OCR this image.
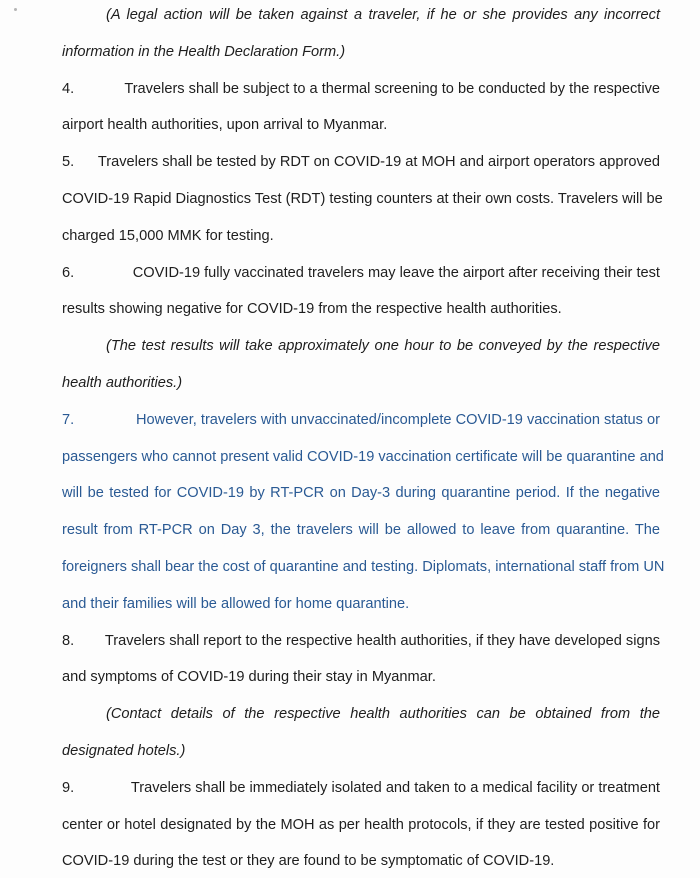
(A legal action will be taken against a traveler, if he or she provides any incorrect
information in the Health Declaration Form.)
4.	Travelers shall be subject to a thermal screening to be conducted by the respective
airport health authorities, upon arrival to Myanmar.
5.	Travelers shall be tested by RDT on COVID-19 at MOH and airport operators approved
COVID-19 Rapid Diagnostics Test (RDT) testing counters at their own costs. Travelers will be
charged 15,000 MMK for testing.
6.	COVID-19 fully vaccinated travelers may leave the airport after receiving their test
results showing negative for COVID-19 from the respective health authorities.
(The test results will take approximately one hour to be conveyed by the respective
health authorities.)
7.	However, travelers with unvaccinated/incomplete COVID-19 vaccination status or
passengers who cannot present valid COVID-19 vaccination certificate will be quarantine and
will be tested for COVID-19 by RT-PCR on Day-3 during quarantine period. If the negative
result from RT-PCR on Day 3, the travelers will be allowed to leave from quarantine. The
foreigners shall bear the cost of quarantine and testing. Diplomats, international staff from UN
and their families will be allowed for home quarantine.
8.	Travelers shall report to the respective health authorities, if they have developed signs
and symptoms of COVID-19 during their stay in Myanmar.
(Contact details of the respective health authorities can be obtained from the
designated hotels.)
9.	Travelers shall be immediately isolated and taken to a medical facility or treatment
center or hotel designated by the MOH as per health protocols, if they are tested positive for
COVID-19 during the test or they are found to be symptomatic of COVID-19.
